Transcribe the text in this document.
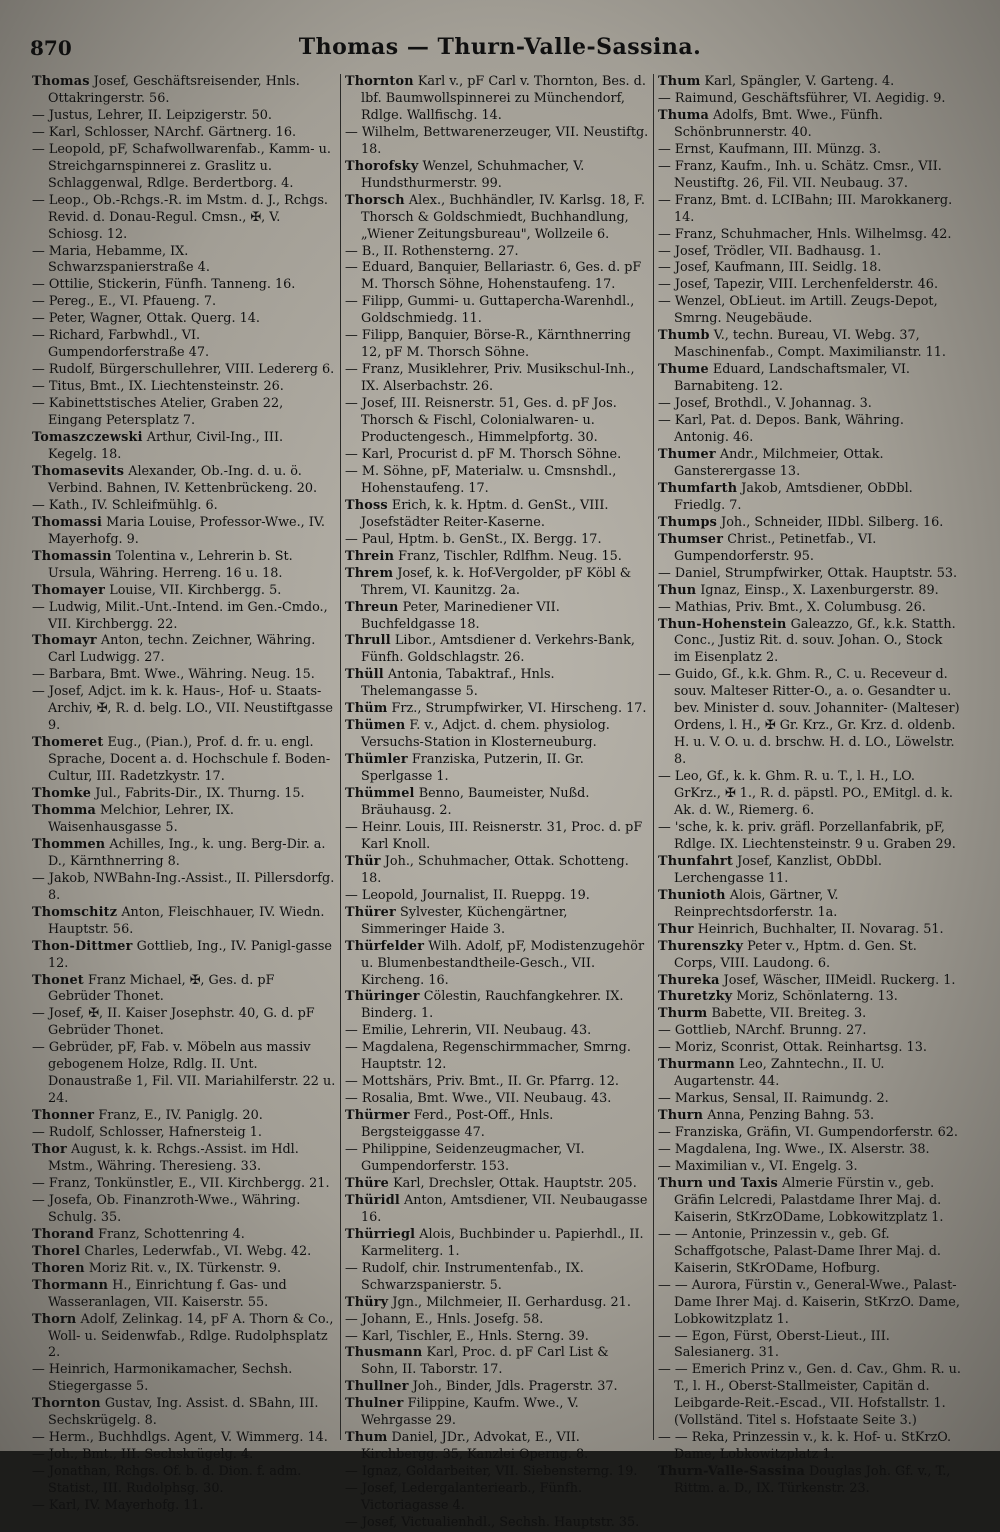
870	Thomas — Thurn-Valle-Sassina.

Thomas Josef, Geschäftsreisender, Hnls. Ottakringerstr. 56.

— Justus, Lehrer, II. Leipzigerstr. 50.

— Karl, Schlosser, NArchf. Gärtnerg. 16.

— Leopold, pF, Schafwollwarenfab., Kamm- u. Streichgarnspinnerei z. Graslitz u. Schlaggenwal, Rdlge. Berdertborg. 4.

— Leop., Ob.-Rchgs.-R. im Mstm. d. J., Rchgs. Revid. d. Donau-Regul. Cmsn., ✠, V. Schiosg. 12.

— Maria, Hebamme, IX. Schwarzspanierstraße 4.

— Ottilie, Stickerin, Fünfh. Tanneng. 16.

— Pereg., E., VI. Pfaueng. 7.

— Peter, Wagner, Ottak. Querg. 14.

— Richard, Farbwhdl., VI. Gumpendorferstraße 47.

— Rudolf, Bürgerschullehrer, VIII. Ledererg 6.

— Titus, Bmt., IX. Liechtensteinstr. 26.

— Kabinettstisches Atelier, Graben 22, Eingang Petersplatz 7.

Tomaszczewski Arthur, Civil-Ing., III. Kegelg. 18.

Thomasevits Alexander, Ob.-Ing. d. u. ö. Verbind. Bahnen, IV. Kettenbrückeng. 20.

— Kath., IV. Schleifmühlg. 6.

Thomassi Maria Louise, Professor-Wwe., IV. Mayerhofg. 9.

Thomassin Tolentina v., Lehrerin b. St. Ursula, Währing. Herreng. 16 u. 18.

Thomayer Louise, VII. Kirchbergg. 5.

— Ludwig, Milit.-Unt.-Intend. im Gen.-Cmdo., VII. Kirchbergg. 22.

Thomayr Anton, techn. Zeichner, Währing. Carl Ludwigg. 27.

— Barbara, Bmt. Wwe., Währing. Neug. 15.

— Josef, Adjct. im k. k. Haus-, Hof- u. Staats-Archiv, ✠, R. d. belg. LO., VII. Neustiftgasse 9.

Thomeret Eug., (Pian.), Prof. d. fr. u. engl. Sprache, Docent a. d. Hochschule f. Boden-Cultur, III. Radetzkystr. 17.

Thomke Jul., Fabrits-Dir., IX. Thurng. 15.

Thomma Melchior, Lehrer, IX. Waisenhausgasse 5.

Thommen Achilles, Ing., k. ung. Berg-Dir. a. D., Kärnthnerring 8.

— Jakob, NWBahn-Ing.-Assist., II. Pillersdorfg. 8.

Thomschitz Anton, Fleischhauer, IV. Wiedn. Hauptstr. 56.

Thon-Dittmer Gottlieb, Ing., IV. Panigl-gasse 12.

Thonet Franz Michael, ✠, Ges. d. pF Gebrüder Thonet.

— Josef, ✠, II. Kaiser Josephstr. 40, G. d. pF Gebrüder Thonet.

— Gebrüder, pF, Fab. v. Möbeln aus massiv gebogenem Holze, Rdlg. II. Unt. Donaustraße 1, Fil. VII. Mariahilferstr. 22 u. 24.

Thonner Franz, E., IV. Paniglg. 20.

— Rudolf, Schlosser, Hafnersteig 1.

Thor August, k. k. Rchgs.-Assist. im Hdl. Mstm., Währing. Theresieng. 33.

— Franz, Tonkünstler, E., VII. Kirchbergg. 21.

— Josefa, Ob. Finanzroth-Wwe., Währing. Schulg. 35.

Thorand Franz, Schottenring 4.

Thorel Charles, Lederwfab., VI. Webg. 42.

Thoren Moriz Rit. v., IX. Türkenstr. 9.

Thormann H., Einrichtung f. Gas- und Wasseranlagen, VII. Kaiserstr. 55.

Thorn Adolf, Zelinkag. 14, pF A. Thorn & Co., Woll- u. Seidenwfab., Rdlge. Rudolphsplatz 2.

— Heinrich, Harmonikamacher, Sechsh. Stiegergasse 5.

Thornton Gustav, Ing. Assist. d. SBahn, III. Sechskrügelg. 8.

— Herm., Buchhdlgs. Agent, V. Wimmerg. 14.

— Joh., Bmt., III. Sechskrügelg. 4.

— Jonathan, Rchgs. Of. b. d. Dion. f. adm. Statist., III. Rudolphsg. 30.

— Karl, IV. Mayerhofg. 11.

Thornton Karl v., pF Carl v. Thornton, Bes. d. lbf. Baumwollspinnerei zu Münchendorf, Rdlge. Wallfischg. 14.

— Wilhelm, Bettwarenerzeuger, VII. Neustiftg. 18.

Thorofsky Wenzel, Schuhmacher, V. Hundsthurmerstr. 99.

Thorsch Alex., Buchhändler, IV. Karlsg. 18, F. Thorsch & Goldschmiedt, Buchhandlung, „Wiener Zeitungsbureau", Wollzeile 6.

— B., II. Rothensterng. 27.

— Eduard, Banquier, Bellariastr. 6, Ges. d. pF M. Thorsch Söhne, Hohenstaufeng. 17.

— Filipp, Gummi- u. Guttapercha-Warenhdl., Goldschmiedg. 11.

— Filipp, Banquier, Börse-R., Kärnthnerring 12, pF M. Thorsch Söhne.

— Franz, Musiklehrer, Priv. Musikschul-Inh., IX. Alserbachstr. 26.

— Josef, III. Reisnerstr. 51, Ges. d. pF Jos. Thorsch & Fischl, Colonialwaren- u. Productengesch., Himmelpfortg. 30.

— Karl, Procurist d. pF M. Thorsch Söhne.

— M. Söhne, pF, Materialw. u. Cmsnshdl., Hohenstaufeng. 17.

Thoss Erich, k. k. Hptm. d. GenSt., VIII. Josefstädter Reiter-Kaserne.

— Paul, Hptm. b. GenSt., IX. Bergg. 17.

Threin Franz, Tischler, Rdlfhm. Neug. 15.

Threm Josef, k. k. Hof-Vergolder, pF Köbl & Threm, VI. Kaunitzg. 2a.

Threun Peter, Marinediener VII. Buchfeldgasse 18.

Thrull Libor., Amtsdiener d. Verkehrs-Bank, Fünfh. Goldschlagstr. 26.

Thüll Antonia, Tabaktraf., Hnls. Thelemangasse 5.

Thüm Frz., Strumpfwirker, VI. Hirscheng. 17.

Thümen F. v., Adjct. d. chem. physiolog. Versuchs-Station in Klosterneuburg.

Thümler Franziska, Putzerin, II. Gr. Sperlgasse 1.

Thümmel Benno, Baumeister, Nußd. Bräuhausg. 2.

— Heinr. Louis, III. Reisnerstr. 31, Proc. d. pF Karl Knoll.

Thür Joh., Schuhmacher, Ottak. Schotteng. 18.

— Leopold, Journalist, II. Rueppg. 19.

Thürer Sylvester, Küchengärtner, Simmeringer Haide 3.

Thürfelder Wilh. Adolf, pF, Modistenzugehör u. Blumenbestandtheile-Gesch., VII. Kircheng. 16.

Thüringer Cölestin, Rauchfangkehrer. IX. Binderg. 1.

— Emilie, Lehrerin, VII. Neubaug. 43.

— Magdalena, Regenschirmmacher, Smrng. Hauptstr. 12.

— Mottshärs, Priv. Bmt., II. Gr. Pfarrg. 12.

— Rosalia, Bmt. Wwe., VII. Neubaug. 43.

Thürmer Ferd., Post-Off., Hnls. Bergsteiggasse 47.

— Philippine, Seidenzeugmacher, VI. Gumpendorferstr. 153.

Thüre Karl, Drechsler, Ottak. Hauptstr. 205.

Thüridl Anton, Amtsdiener, VII. Neubaugasse 16.

Thürriegl Alois, Buchbinder u. Papierhdl., II. Karmeliterg. 1.

— Rudolf, chir. Instrumentenfab., IX. Schwarzspanierstr. 5.

Thüry Jgn., Milchmeier, II. Gerhardusg. 21.

— Johann, E., Hnls. Josefg. 58.

— Karl, Tischler, E., Hnls. Sterng. 39.

Thusmann Karl, Proc. d. pF Carl List & Sohn, II. Taborstr. 17.

Thullner Joh., Binder, Jdls. Pragerstr. 37.

Thulner Filippine, Kaufm. Wwe., V. Wehrgasse 29.

Thum Daniel, JDr., Advokat, E., VII. Kirchbergg. 35, Kanzlei Operng. 8.

— Ignaz, Goldarbeiter, VII. Siebensterng. 19.

— Josef, Ledergalanteriearb., Fünfh. Victoriagasse 4.

— Josef, Victualienhdl., Sechsh. Hauptstr. 35.

Thum Karl, Spängler, V. Garteng. 4.

— Raimund, Geschäftsführer, VI. Aegidig. 9.

Thuma Adolfs, Bmt. Wwe., Fünfh. Schönbrunnerstr. 40.

— Ernst, Kaufmann, III. Münzg. 3.

— Franz, Kaufm., Inh. u. Schätz. Cmsr., VII. Neustiftg. 26, Fil. VII. Neubaug. 37.

— Franz, Bmt. d. LCIBahn; III. Marokkanerg. 14.

— Franz, Schuhmacher, Hnls. Wilhelmsg. 42.

— Josef, Trödler, VII. Badhausg. 1.

— Josef, Kaufmann, III. Seidlg. 18.

— Josef, Tapezir, VIII. Lerchenfelderstr. 46.

— Wenzel, ObLieut. im Artill. Zeugs-Depot, Smrng. Neugebäude.

Thumb V., techn. Bureau, VI. Webg. 37, Maschinenfab., Compt. Maximilianstr. 11.

Thume Eduard, Landschaftsmaler, VI. Barnabiteng. 12.

— Josef, Brothdl., V. Johannag. 3.

— Karl, Pat. d. Depos. Bank, Währing. Antonig. 46.

Thumer Andr., Milchmeier, Ottak. Gansterergasse 13.

Thumfarth Jakob, Amtsdiener, ObDbl. Friedlg. 7.

Thumps Joh., Schneider, IIDbl. Silberg. 16.

Thumser Christ., Petinetfab., VI. Gumpendorferstr. 95.

— Daniel, Strumpfwirker, Ottak. Hauptstr. 53.

Thun Ignaz, Einsp., X. Laxenburgerstr. 89.

— Mathias, Priv. Bmt., X. Columbusg. 26.

Thun-Hohenstein Galeazzo, Gf., k.k. Statth. Conc., Justiz Rit. d. souv. Johan. O., Stock im Eisenplatz 2.

— Guido, Gf., k.k. Ghm. R., C. u. Receveur d. souv. Malteser Ritter-O., a. o. Gesandter u. bev. Minister d. souv. Johanniter- (Malteser) Ordens, l. H., ✠ Gr. Krz., Gr. Krz. d. oldenb. H. u. V. O. u. d. brschw. H. d. LO., Löwelstr. 8.

— Leo, Gf., k. k. Ghm. R. u. T., l. H., LO. GrKrz., ✠ 1., R. d. päpstl. PO., EMitgl. d. k. Ak. d. W., Riemerg. 6.

— 'sche, k. k. priv. gräfl. Porzellanfabrik, pF, Rdlge. IX. Liechtensteinstr. 9 u. Graben 29.

Thunfahrt Josef, Kanzlist, ObDbl. Lerchengasse 11.

Thunioth Alois, Gärtner, V. Reinprechtsdorferstr. 1a.

Thur Heinrich, Buchhalter, II. Novarag. 51.

Thurenszky Peter v., Hptm. d. Gen. St. Corps, VIII. Laudong. 6.

Thureka Josef, Wäscher, IIMeidl. Ruckerg. 1.

Thuretzky Moriz, Schönlaterng. 13.

Thurm Babette, VII. Breiteg. 3.

— Gottlieb, NArchf. Brunng. 27.

— Moriz, Sconrist, Ottak. Reinhartsg. 13.

Thurmann Leo, Zahntechn., II. U. Augartenstr. 44.

— Markus, Sensal, II. Raimundg. 2.

Thurn Anna, Penzing Bahng. 53.

— Franziska, Gräfin, VI. Gumpendorferstr. 62.

— Magdalena, Ing. Wwe., IX. Alserstr. 38.

— Maximilian v., VI. Engelg. 3.

Thurn und Taxis Almerie Fürstin v., geb. Gräfin Lelcredi, Palastdame Ihrer Maj. d. Kaiserin, StKrzODame, Lobkowitzplatz 1.

— — Antonie, Prinzessin v., geb. Gf. Schaffgotsche, Palast-Dame Ihrer Maj. d. Kaiserin, StKrODame, Hofburg.

— — Aurora, Fürstin v., General-Wwe., Palast-Dame Ihrer Maj. d. Kaiserin, StKrzO. Dame, Lobkowitzplatz 1.

— — Egon, Fürst, Oberst-Lieut., III. Salesianerg. 31.

— — Emerich Prinz v., Gen. d. Cav., Ghm. R. u. T., l. H., Oberst-Stallmeister, Capitän d. Leibgarde-Reit.-Escad., VII. Hofstallstr. 1. (Vollständ. Titel s. Hofstaate Seite 3.)

— — Reka, Prinzessin v., k. k. Hof- u. StKrzO. Dame, Lobkowitzplatz 1.

Thurn-Valle-Sassina Douglas Joh. Gf. v., T., Rittm. a. D., IX. Türkenstr. 23.
